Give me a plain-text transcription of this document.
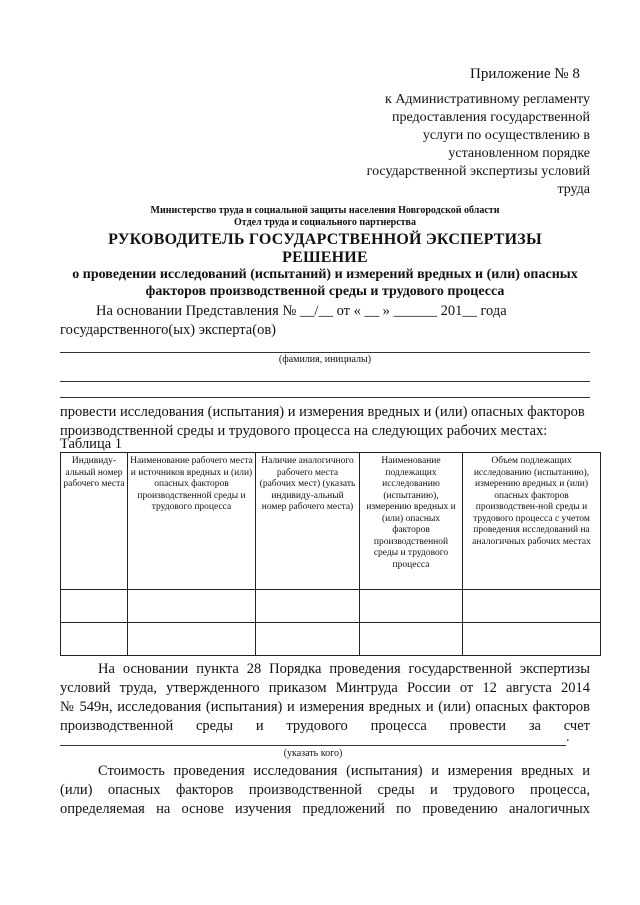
Приложение № 8
к Административному регламенту
предоставления государственной
услуги по осуществлению в
установленном порядке
государственной экспертизы условий
труда
Министерство труда и социальной защиты населения Новгородской области
Отдел труда и социального партнерства
РУКОВОДИТЕЛЬ ГОСУДАРСТВЕННОЙ ЭКСПЕРТИЗЫ
РЕШЕНИЕ
о проведении исследований (испытаний) и измерений вредных и (или) опасных
факторов производственной среды и трудового процесса
На основании Представления № __/__ от « __ » ______ 201__ года
государственного(ых) эксперта(ов)
(фамилия, инициалы)
провести исследования (испытания) и измерения вредных и (или) опасных факторов производственной среды и трудового процесса на следующих рабочих местах:
Таблица 1
Индивиду-альный номер рабочего места	Наименование рабочего места и источников вредных и (или) опасных факторов производственной среды и трудового процесса	Наличие аналогичного рабочего места (рабочих мест) (указать индивиду-альный номер рабочего места)	Наименование подлежащих исследованию (испытанию), измерению вредных и (или) опасных факторов производственной среды и трудового процесса	Объем подлежащих исследованию (испытанию), измерению вредных и (или) опасных факторов производствен-ной среды и трудового процесса с учетом проведения исследований на аналогичных рабочих местах

На основании пункта 28 Порядка проведения государственной экспертизы
условий труда, утвержденного приказом Минтруда России от 12 августа 2014
№ 549н, исследования (испытания) и измерения вредных и (или) опасных факторов
производственной среды и трудового процесса провести за счет
.
(указать кого)
Стоимость проведения исследования (испытания) и измерения вредных и
(или) опасных факторов производственной среды и трудового процесса,
определяемая на основе изучения предложений по проведению аналогичных
